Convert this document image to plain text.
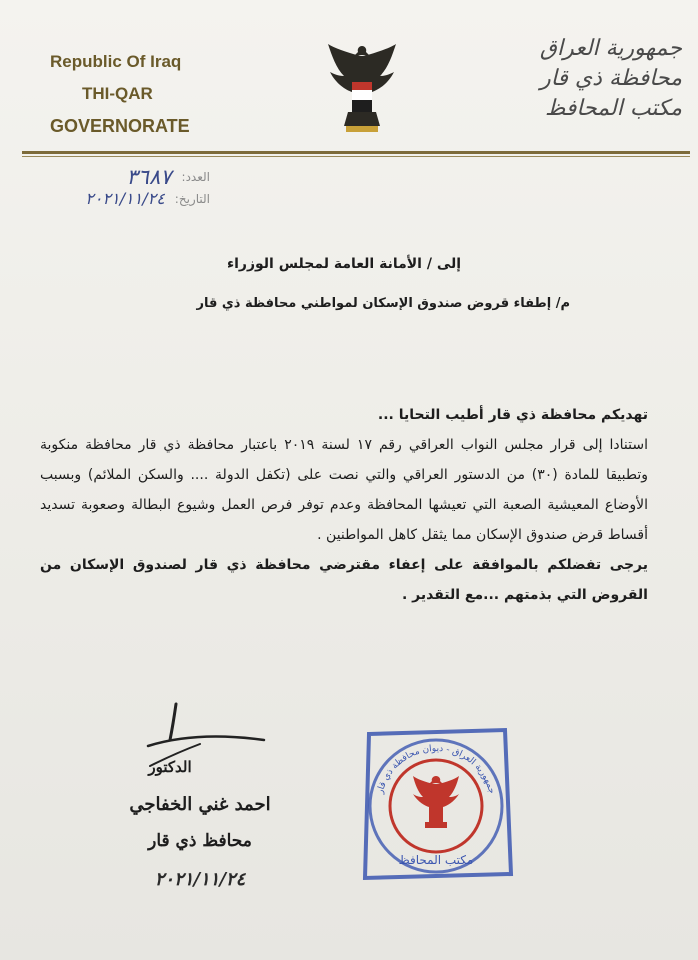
Republic Of Iraq
THI-QAR
GOVERNORATE
جمهورية العراق
محافظة ذي قار
مكتب المحافظ
٣٦٨٧ العدد:
٢٠٢١/١١/٢٤ التاريخ:
إلى / الأمانة العامة لمجلس الوزراء
م/ إطفاء قروض صندوق الإسكان لمواطني محافظة ذي قار
تهديكم محافظة ذي قار أطيب التحايا ...
استنادا إلى قرار مجلس النواب العراقي رقم ١٧ لسنة ٢٠١٩ باعتبار محافظة ذي قار محافظة منكوبة وتطبيقا للمادة (٣٠) من الدستور العراقي والتي نصت على (تكفل الدولة .... والسكن الملائم) وبسبب الأوضاع المعيشية الصعبة التي تعيشها المحافظة وعدم توفر فرص العمل وشيوع البطالة وصعوبة تسديد أقساط قرض صندوق الإسكان مما يثقل كاهل المواطنين .
يرجى تفضلكم بالموافقة على إعفاء مقترضي محافظة ذي قار لصندوق الإسكان من القروض التي بذمتهم ...مع التقدير .
الدكتور
احمد غني الخفاجي
محافظ ذي قار
٢٠٢١/١١/٢٤
جمهورية العراق - ديوان محافظة ذي قار
مكتب المحافظ
